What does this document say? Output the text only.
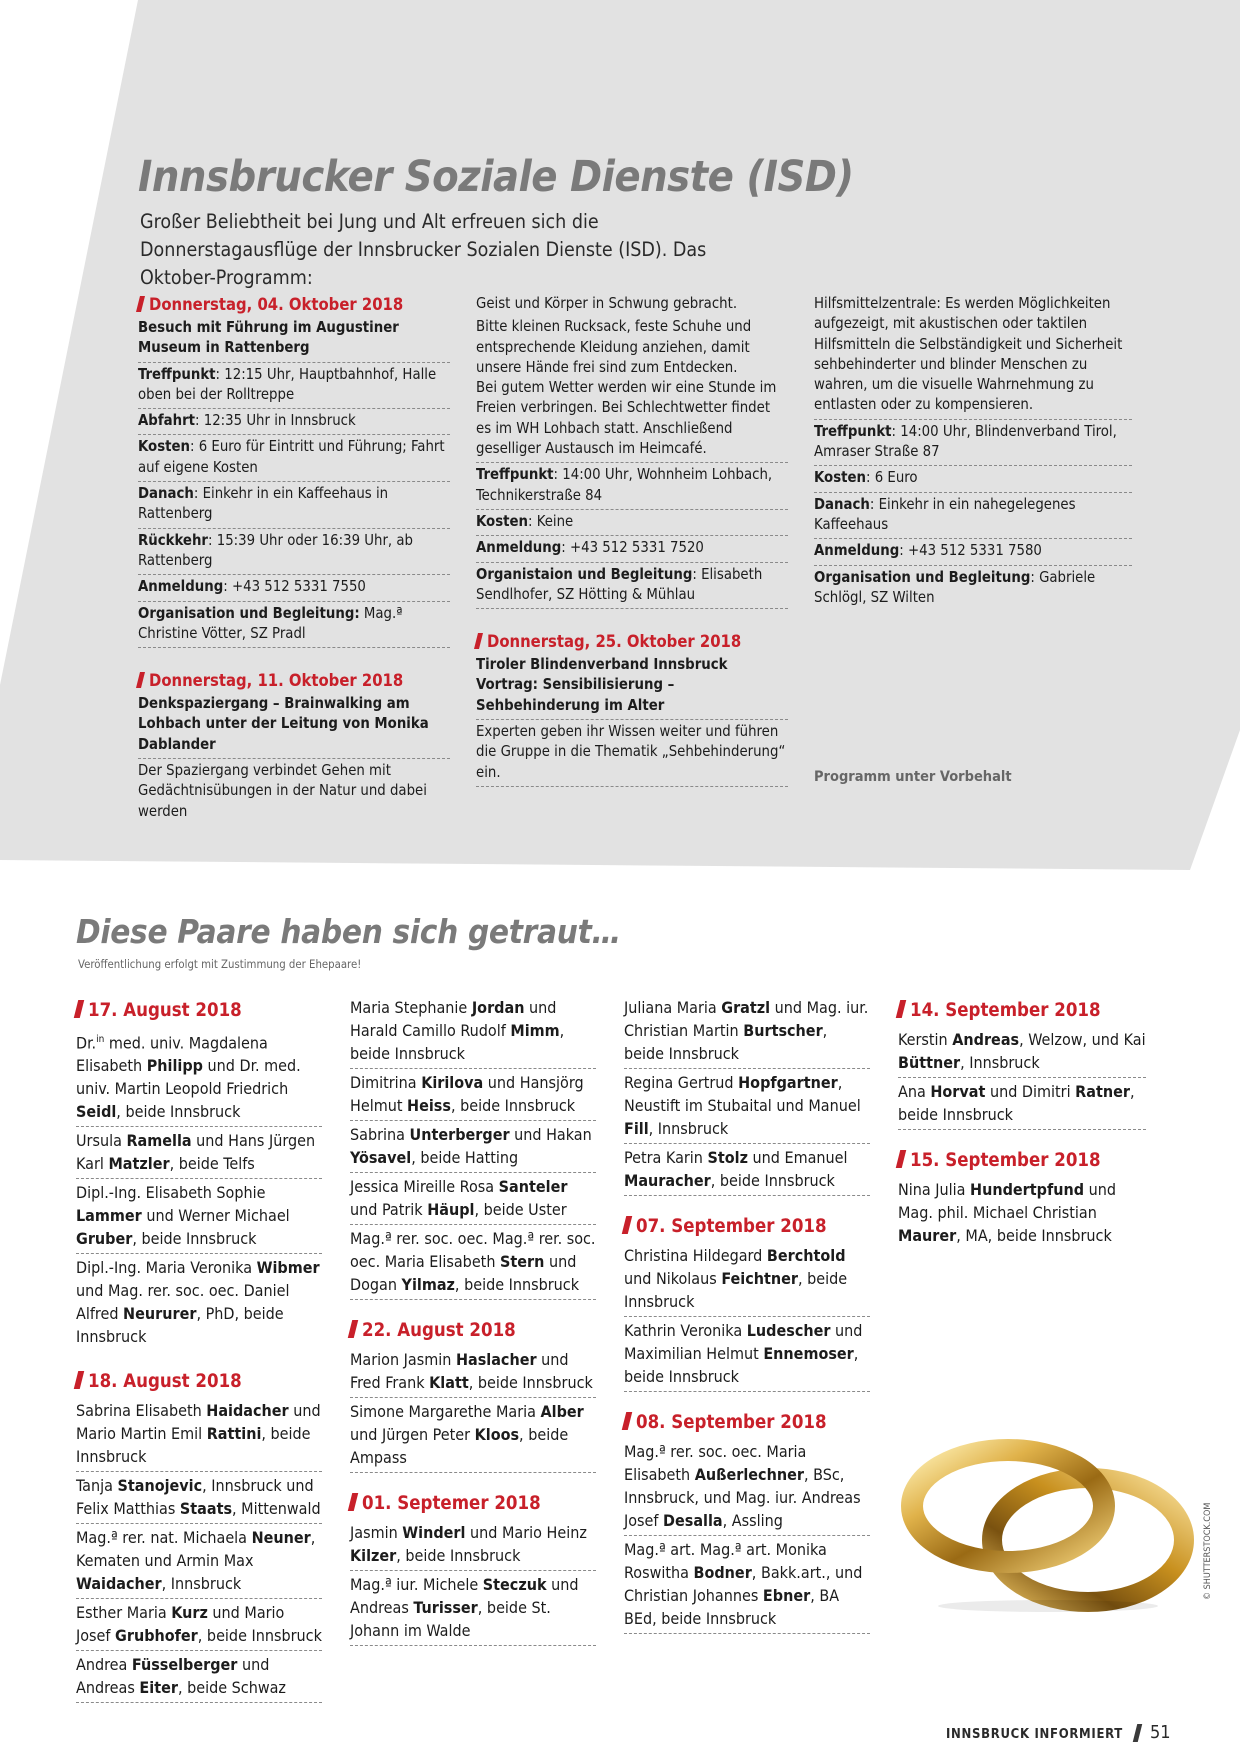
Innsbrucker Soziale Dienste (ISD)
Großer Beliebtheit bei Jung und Alt erfreuen sich die Donnerstagausflüge der Innsbrucker Sozialen Dienste (ISD). Das Oktober-Programm:

Donnerstag, 04. Oktober 2018

Besuch mit Führung im Augustiner Museum in Rattenberg

Treffpunkt: 12:15 Uhr, Hauptbahnhof, Halle oben bei der Rolltreppe

Abfahrt: 12:35 Uhr in Innsbruck

Kosten: 6 Euro für Eintritt und Führung; Fahrt auf eigene Kosten

Danach: Einkehr in ein Kaffeehaus in Rattenberg

Rückkehr: 15:39 Uhr oder 16:39 Uhr, ab Rattenberg

Anmeldung: +43 512 5331 7550

Organisation und Begleitung: Mag.ª Christine Vötter, SZ Pradl

Donnerstag, 11. Oktober 2018

Denkspaziergang – Brainwalking am Lohbach unter der Leitung von Monika Dablander

Der Spaziergang verbindet Gehen mit Gedächtnisübungen in der Natur und dabei werden

Geist und Körper in Schwung gebracht.

Bitte kleinen Rucksack, feste Schuhe und entsprechende Kleidung anziehen, damit unsere Hände frei sind zum Entdecken.

Bei gutem Wetter werden wir eine Stunde im Freien verbringen. Bei Schlechtwetter findet es im WH Lohbach statt. Anschließend geselliger Austausch im Heimcafé.

Treffpunkt: 14:00 Uhr, Wohnheim Lohbach, Technikerstraße 84

Kosten: Keine

Anmeldung: +43 512 5331 7520

Organistaion und Begleitung: Elisabeth Sendlhofer, SZ Hötting & Mühlau

Donnerstag, 25. Oktober 2018

Tiroler Blindenverband Innsbruck Vortrag: Sensibilisierung – Sehbehinderung im Alter

Experten geben ihr Wissen weiter und führen die Gruppe in die Thematik „Sehbehinderung“ ein.

Hilfsmittelzentrale: Es werden Möglichkeiten aufgezeigt, mit akustischen oder taktilen Hilfsmitteln die Selbständigkeit und Sicherheit sehbehinderter und blinder Menschen zu wahren, um die visuelle Wahrnehmung zu entlasten oder zu kompensieren.

Treffpunkt: 14:00 Uhr, Blindenverband Tirol, Amraser Straße 87

Kosten: 6 Euro

Danach: Einkehr in ein nahegelegenes Kaffeehaus

Anmeldung: +43 512 5331 7580

Organisation und Begleitung: Gabriele Schlögl, SZ Wilten

Programm unter Vorbehalt
Diese Paare haben sich getraut…
Veröffentlichung erfolgt mit Zustimmung der Ehepaare!

17. August 2018

Dr.$^{in}$ med. univ. Magdalena Elisabeth Philipp und Dr. med. univ. Martin Leopold Friedrich Seidl, beide Innsbruck

Ursula Ramella und Hans Jürgen Karl Matzler, beide Telfs

Dipl.-Ing. Elisabeth Sophie Lammer und Werner Michael Gruber, beide Innsbruck

Dipl.-Ing. Maria Veronika Wibmer und Mag. rer. soc. oec. Daniel Alfred Neururer, PhD, beide Innsbruck

18. August 2018

Sabrina Elisabeth Haidacher und Mario Martin Emil Rattini, beide Innsbruck

Tanja Stanojevic, Innsbruck und Felix Matthias Staats, Mittenwald

Mag.ª rer. nat. Michaela Neuner, Kematen und Armin Max Waidacher, Innsbruck

Esther Maria Kurz und Mario Josef Grubhofer, beide Innsbruck

Andrea Füsselberger und Andreas Eiter, beide Schwaz

Maria Stephanie Jordan und Harald Camillo Rudolf Mimm, beide Innsbruck

Dimitrina Kirilova und Hansjörg Helmut Heiss, beide Innsbruck

Sabrina Unterberger und Hakan Yösavel, beide Hatting

Jessica Mireille Rosa Santeler und Patrik Häupl, beide Uster

Mag.ª rer. soc. oec. Mag.ª rer. soc. oec. Maria Elisabeth Stern und Dogan Yilmaz, beide Innsbruck

22. August 2018

Marion Jasmin Haslacher und Fred Frank Klatt, beide Innsbruck

Simone Margarethe Maria Alber und Jürgen Peter Kloos, beide Ampass

01. Septemer 2018

Jasmin Winderl und Mario Heinz Kilzer, beide Innsbruck

Mag.ª iur. Michele Steczuk und Andreas Turisser, beide St. Johann im Walde

Juliana Maria Gratzl und Mag. iur. Christian Martin Burtscher, beide Innsbruck

Regina Gertrud Hopfgartner, Neustift im Stubaital und Manuel Fill, Innsbruck

Petra Karin Stolz und Emanuel Mauracher, beide Innsbruck

07. September 2018

Christina Hildegard Berchtold und Nikolaus Feichtner, beide Innsbruck

Kathrin Veronika Ludescher und Maximilian Helmut Ennemoser, beide Innsbruck

08. September 2018

Mag.ª rer. soc. oec. Maria Elisabeth Außerlechner, BSc, Innsbruck, und Mag. iur. Andreas Josef Desalla, Assling

Mag.ª art. Mag.ª art. Monika Roswitha Bodner, Bakk.art., und Christian Johannes Ebner, BA BEd, beide Innsbruck

14. September 2018

Kerstin Andreas, Welzow, und Kai Büttner, Innsbruck

Ana Horvat und Dimitri Ratner, beide Innsbruck

15. September 2018

Nina Julia Hundertpfund und Mag. phil. Michael Christian Maurer, MA, beide Innsbruck

© SHUTTERSTOCK.COM
INNSBRUCK INFORMIERT 51
